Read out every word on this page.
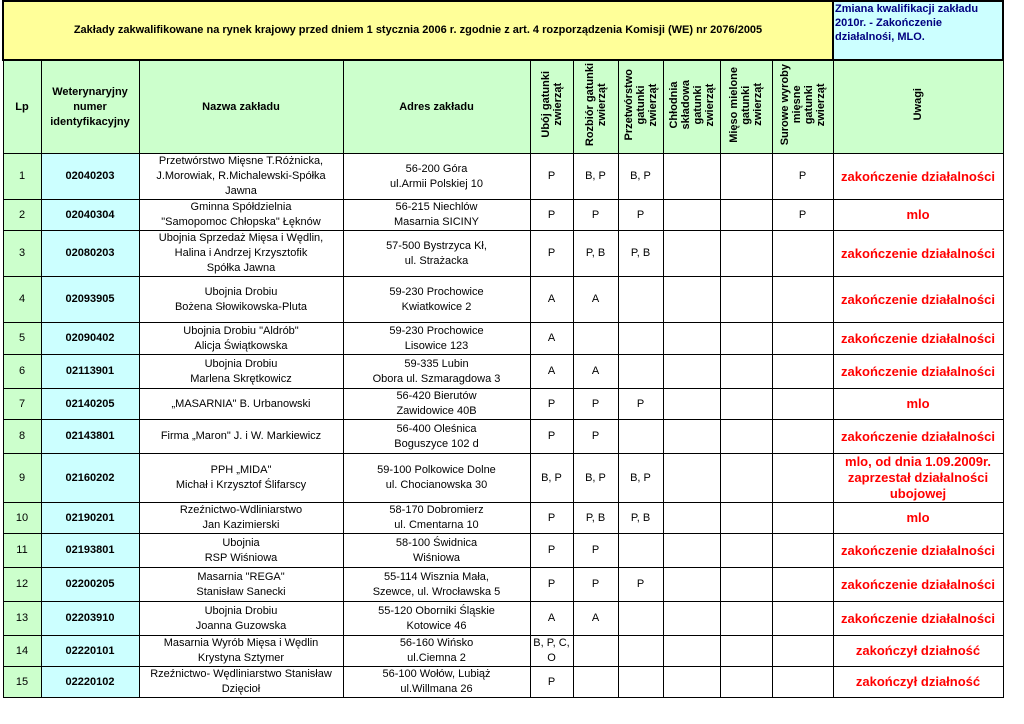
Zakłady zakwalifikowane na rynek krajowy przed dniem 1 stycznia 2006 r. zgodnie z art. 4 rozporządzenia Komisji (WE) nr 2076/2005										Zmiana kwalifikacji zakładu 2010r. - Zakończenie działalnośi, MLO.
Lp	Weterynaryjny numer identyfikacyjny	Nazwa zakładu	Adres zakładu	Ubój gatunki
zwierząt	Rozbiór gatunki
zwierząt	Przetwórstwo
gatunki
zwierząt	Chłodnia
składowa
gatunki
zwierząt	Mięso mielone
gatunki
zwierząt	Surowe wyroby
mięsne
gatunki
zwierząt	Uwagi
1	02040203	Przetwórstwo Mięsne T.Różnicka,
J.Morowiak, R.Michalewski-Spółka
Jawna	56-200 Góra
ul.Armii Polskiej 10	P	B, P	B, P			P	zakończenie działalności
2	02040304	Gminna Spółdzielnia
"Samopomoc Chłopska" Łęknów	56-215 Niechlów
Masarnia SICINY	P	P	P			P	mlo
3	02080203	Ubojnia Sprzedaż Mięsa i Wędlin,
Halina i Andrzej Krzysztofik
Spółka Jawna	57-500 Bystrzyca Kł,
ul. Strażacka	P	P, B	P, B				zakończenie działalności
4	02093905	Ubojnia Drobiu
Bożena Słowikowska-Pluta	59-230 Prochowice
Kwiatkowice 2	A	A					zakończenie działalności
5	02090402	Ubojnia Drobiu "Aldrób"
Alicja Świątkowska	59-230 Prochowice
Lisowice 123	A						zakończenie działalności
6	02113901	Ubojnia Drobiu
Marlena Skrętkowicz	59-335 Lubin
Obora ul. Szmaragdowa 3	A	A					zakończenie działalności
7	02140205	„MASARNIA" B. Urbanowski	56-420 Bierutów
Zawidowice 40B	P	P	P				mlo
8	02143801	Firma „Maron" J. i W. Markiewicz	56-400 Oleśnica
Boguszyce 102 d	P	P					zakończenie działalności
9	02160202	PPH „MIDA"
Michał i Krzysztof Ślifarscy	59-100 Polkowice Dolne
ul. Chocianowska 30	B, P	B, P	B, P				mlo, od dnia 1.09.2009r.
zaprzestał działalności
ubojowej
10	02190201	Rzeźnictwo-Wdliniarstwo
Jan Kazimierski	58-170 Dobromierz
ul. Cmentarna 10	P	P, B	P, B				mlo
11	02193801	Ubojnia
RSP Wiśniowa	58-100 Świdnica
Wiśniowa	P	P					zakończenie działalności
12	02200205	Masarnia "REGA"
Stanisław Sanecki	55-114 Wisznia Mała,
Szewce, ul. Wrocławska 5	P	P	P				zakończenie działalności
13	02203910	Ubojnia Drobiu
Joanna Guzowska	55-120 Oborniki Śląskie
Kotowice 46	A	A					zakończenie działalności
14	02220101	Masarnia Wyrób Mięsa i Wędlin
Krystyna Sztymer	56-160 Wińsko
ul.Ciemna 2	B, P, C,
O						zakończył działność
15	02220102	Rzeźnictwo- Wędliniarstwo Stanisław
Dzięcioł	56-100 Wołów, Lubiąż
ul.Willmana 26	P						zakończył działność
